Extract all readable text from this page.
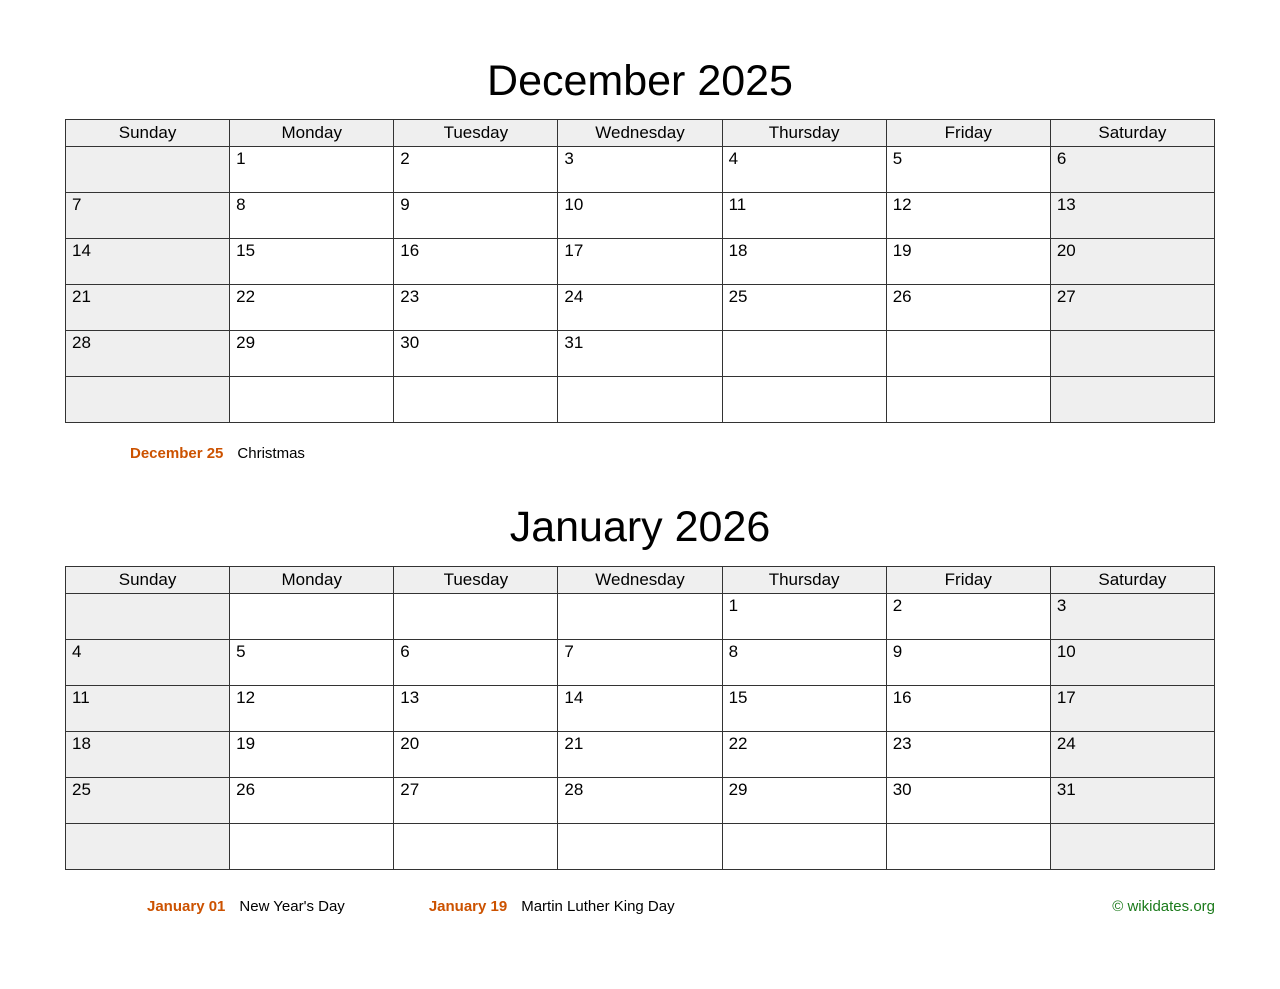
December 2025
Sunday	Monday	Tuesday	Wednesday	Thursday	Friday	Saturday
	1	2	3	4	5	6
7	8	9	10	11	12	13
14	15	16	17	18	19	20
21	22	23	24	25	26	27
28	29	30	31			

December 25 Christmas
January 2026
Sunday	Monday	Tuesday	Wednesday	Thursday	Friday	Saturday
				1	2	3
4	5	6	7	8	9	10
11	12	13	14	15	16	17
18	19	20	21	22	23	24
25	26	27	28	29	30	31

January 01 New Year's Day	January 19 Martin Luther King Day	© wikidates.org
